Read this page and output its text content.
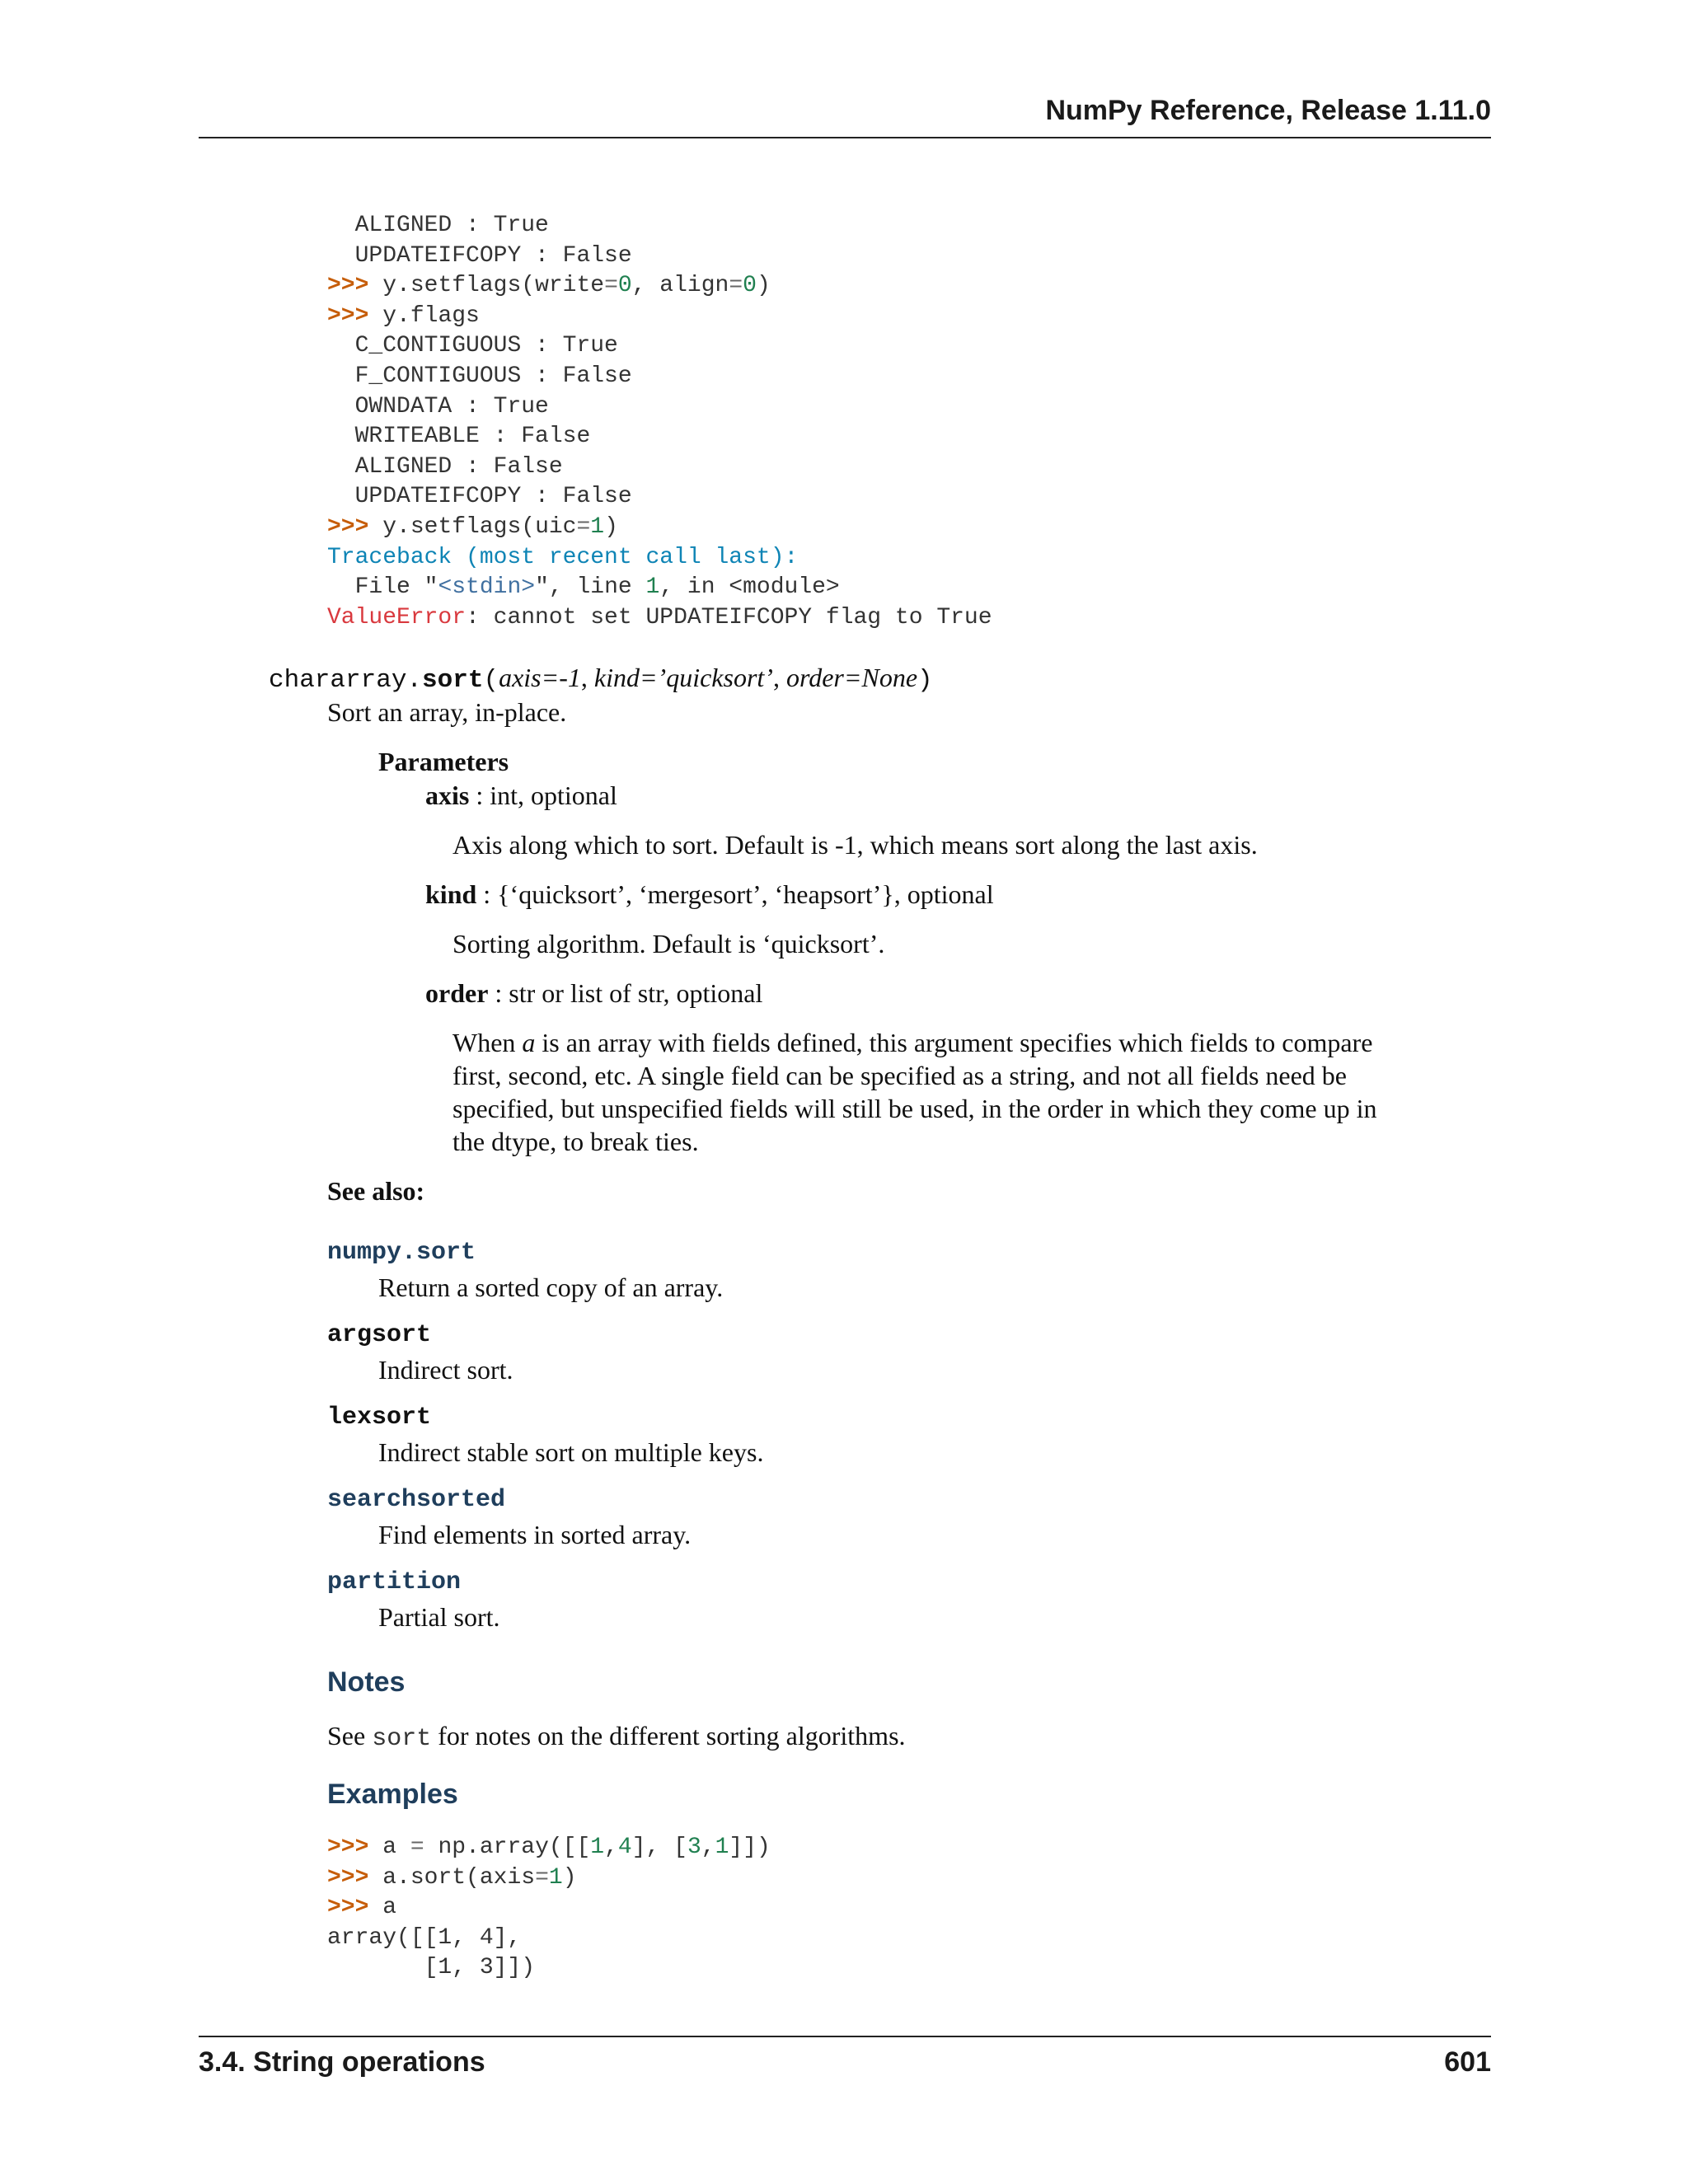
NumPy Reference, Release 1.11.0
ALIGNED : True
UPDATEIFCOPY : False
>>> y.setflags(write=0, align=0)
>>> y.flags
C_CONTIGUOUS : True
F_CONTIGUOUS : False
OWNDATA : True
WRITEABLE : False
ALIGNED : False
UPDATEIFCOPY : False
>>> y.setflags(uic=1)
Traceback (most recent call last):
File "<stdin>", line 1, in <module>
ValueError: cannot set UPDATEIFCOPY flag to True
chararray.sort(axis=-1, kind=’quicksort’, order=None)
Sort an array, in-place.
Parameters
axis : int, optional
Axis along which to sort. Default is -1, which means sort along the last axis.
kind : {‘quicksort’, ‘mergesort’, ‘heapsort’}, optional
Sorting algorithm. Default is ‘quicksort’.
order : str or list of str, optional
When a is an array with fields defined, this argument specifies which fields to compare
first, second, etc. A single field can be specified as a string, and not all fields need be
specified, but unspecified fields will still be used, in the order in which they come up in
the dtype, to break ties.
See also:
numpy.sort
Return a sorted copy of an array.
argsort
Indirect sort.
lexsort
Indirect stable sort on multiple keys.
searchsorted
Find elements in sorted array.
partition
Partial sort.
Notes
See sort for notes on the different sorting algorithms.
Examples
>>> a = np.array([[1,4], [3,1]])
>>> a.sort(axis=1)
>>> a
array([[1, 4],
[1, 3]])
3.4. String operations	601
